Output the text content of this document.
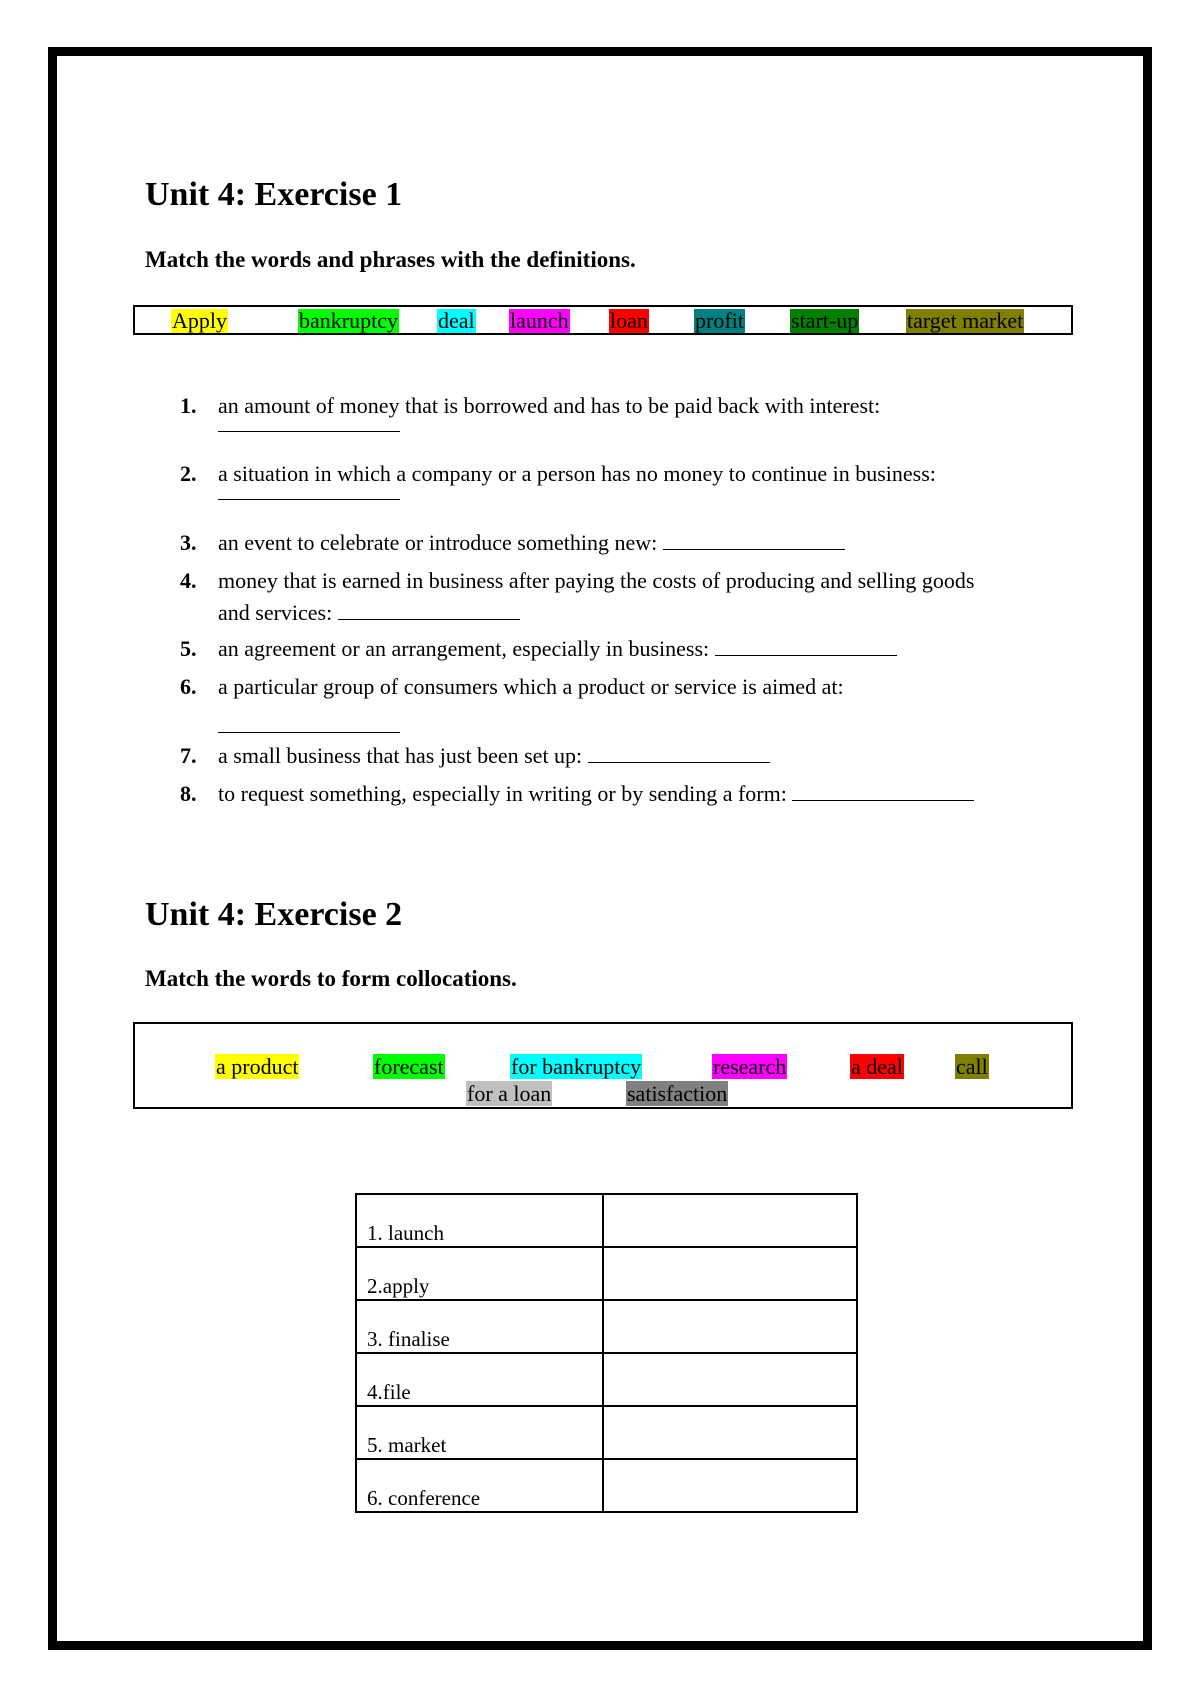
Unit 4: Exercise 1
Match the words and phrases with the definitions.
Apply	bankruptcy deal launch loan profit start-up target market
1. an amount of money that is borrowed and has to be paid back with interest:
2. a situation in which a company or a person has no money to continue in business:
3. an event to celebrate or introduce something new:
4. money that is earned in business after paying the costs of producing and selling goods
and services:
5. an agreement or an arrangement, especially in business:
6. a particular group of consumers which a product or service is aimed at:
7. a small business that has just been set up:
8. to request something, especially in writing or by sending a form:
Unit 4: Exercise 2
Match the words to form collocations.
a product	forecast	for bankruptcy	research	a deal call
for a loan	satisfaction
1. launch	
2.apply	
3. finalise	
4.file	
5. market	
6. conference	
